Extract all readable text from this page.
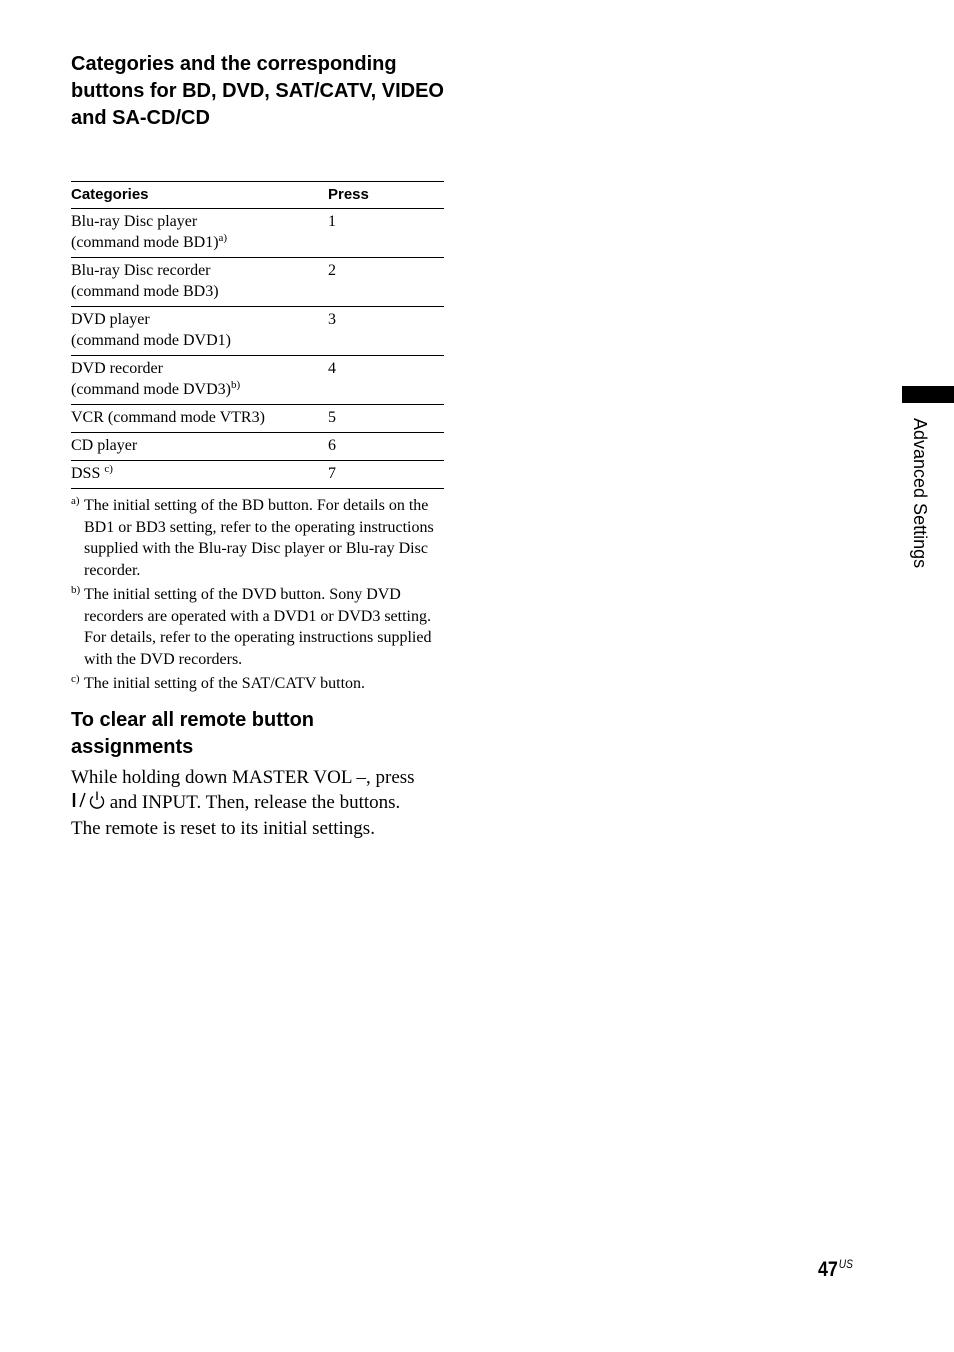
Categories and the corresponding buttons for BD, DVD, SAT/CATV, VIDEO and SA-CD/CD
Categories	Press
Blu-ray Disc player
(command mode BD1)$^{a)}$	1
Blu-ray Disc recorder
(command mode BD3)	2
DVD player
(command mode DVD1)	3
DVD recorder
(command mode DVD3)$^{b)}$	4
VCR (command mode VTR3)	5
CD player	6
DSS $^{c)}$	7
a) The initial setting of the BD button. For details on the BD1 or BD3 setting, refer to the operating instructions supplied with the Blu-ray Disc player or Blu-ray Disc recorder.
b) The initial setting of the DVD button. Sony DVD recorders are operated with a DVD1 or DVD3 setting. For details, refer to the operating instructions supplied with the DVD recorders.
c) The initial setting of the SAT/CATV button.
To clear all remote button assignments

While holding down MASTER VOL –, press

and INPUT. Then, release the buttons.

The remote is reset to its initial settings.

Advanced Settings
$47^{US}$
